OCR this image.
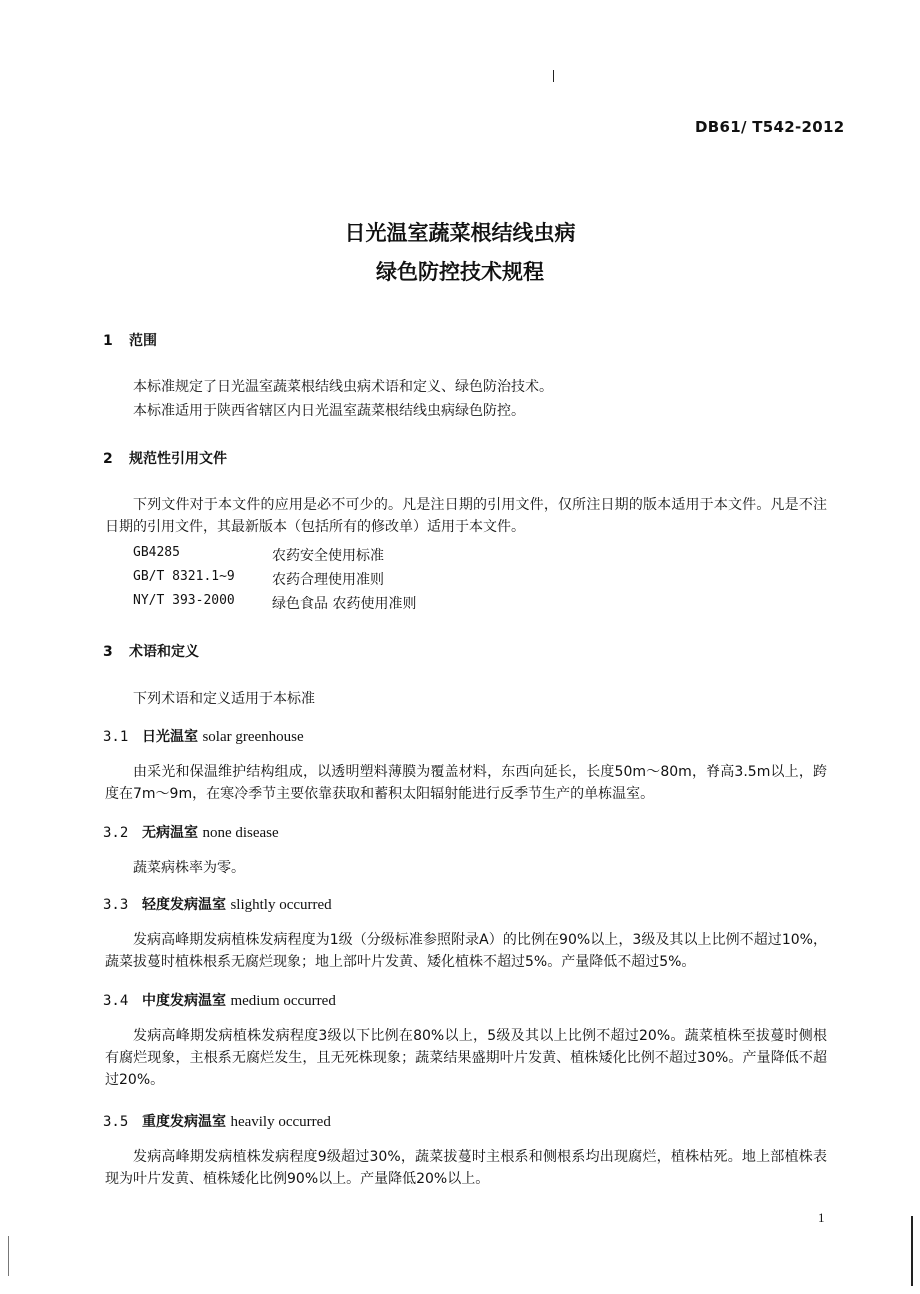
DB61/ T542-2012
日光温室蔬菜根结线虫病
绿色防控技术规程
1 范围
本标准规定了日光温室蔬菜根结线虫病术语和定义、绿色防治技术。
本标准适用于陕西省辖区内日光温室蔬菜根结线虫病绿色防控。
2 规范性引用文件
下列文件对于本文件的应用是必不可少的。凡是注日期的引用文件，仅所注日期的版本适用于本文件。凡是不注日期的引用文件，其最新版本（包括所有的修改单）适用于本文件。
GB4285	农药安全使用标准
GB/T 8321.1~9	农药合理使用准则
NY/T 393-2000	绿色食品 农药使用准则
3 术语和定义
下列术语和定义适用于本标准
3.1 日光温室 solar greenhouse
由采光和保温维护结构组成，以透明塑料薄膜为覆盖材料，东西向延长，长度50m～80m，脊高3.5m以上，跨度在7m～9m，在寒冷季节主要依靠获取和蓄积太阳辐射能进行反季节生产的单栋温室。
3.2 无病温室 none disease
蔬菜病株率为零。
3.3 轻度发病温室 slightly occurred
发病高峰期发病植株发病程度为1级（分级标准参照附录A）的比例在90%以上，3级及其以上比例不超过10%，蔬菜拔蔓时植株根系无腐烂现象；地上部叶片发黄、矮化植株不超过5%。产量降低不超过5%。
3.4 中度发病温室 medium occurred
发病高峰期发病植株发病程度3级以下比例在80%以上，5级及其以上比例不超过20%。蔬菜植株至拔蔓时侧根有腐烂现象，主根系无腐烂发生，且无死株现象；蔬菜结果盛期叶片发黄、植株矮化比例不超过30%。产量降低不超过20%。
3.5 重度发病温室 heavily occurred
发病高峰期发病植株发病程度9级超过30%，蔬菜拔蔓时主根系和侧根系均出现腐烂，植株枯死。地上部植株表现为叶片发黄、植株矮化比例90%以上。产量降低20%以上。
1
